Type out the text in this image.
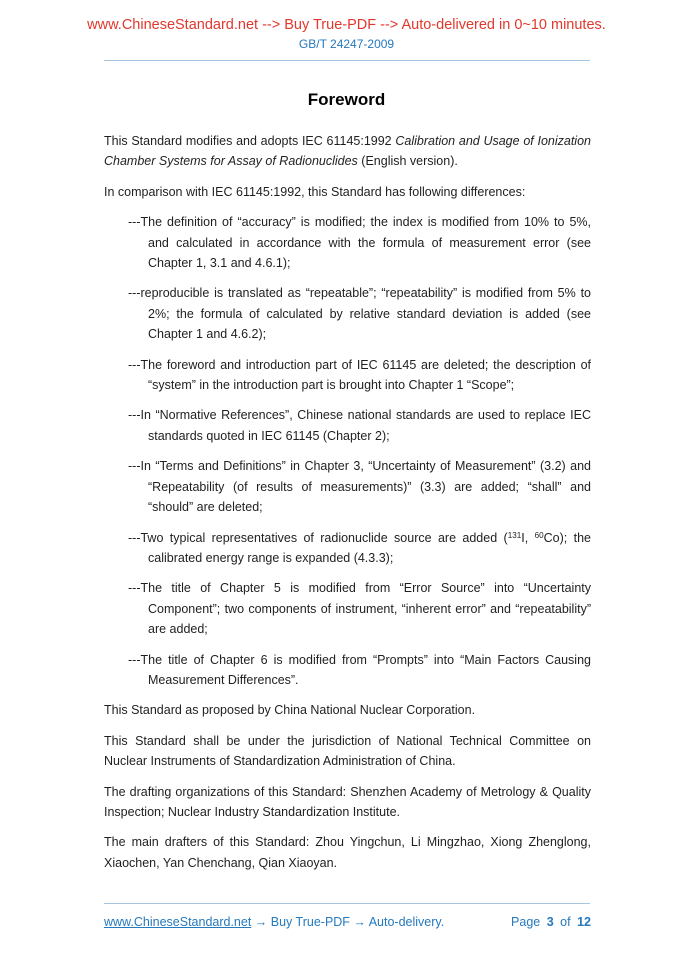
www.ChineseStandard.net --> Buy True-PDF --> Auto-delivered in 0~10 minutes.
GB/T 24247-2009
Foreword

This Standard modifies and adopts IEC 61145:1992 Calibration and Usage of Ionization Chamber Systems for Assay of Radionuclides (English version).

In comparison with IEC 61145:1992, this Standard has following differences:

---The definition of “accuracy” is modified; the index is modified from 10% to 5%, and calculated in accordance with the formula of measurement error (see Chapter 1, 3.1 and 4.6.1);

---reproducible is translated as “repeatable”; “repeatability” is modified from 5% to 2%; the formula of calculated by relative standard deviation is added (see Chapter 1 and 4.6.2);

---The foreword and introduction part of IEC 61145 are deleted; the description of “system” in the introduction part is brought into Chapter 1 “Scope”;

---In “Normative References”, Chinese national standards are used to replace IEC standards quoted in IEC 61145 (Chapter 2);

---In “Terms and Definitions” in Chapter 3, “Uncertainty of Measurement” (3.2) and “Repeatability (of results of measurements)” (3.3) are added; “shall” and “should” are deleted;

---Two typical representatives of radionuclide source are added ($^{131}$I, $^{60}$Co); the calibrated energy range is expanded (4.3.3);

---The title of Chapter 5 is modified from “Error Source” into “Uncertainty Component”; two components of instrument, “inherent error” and “repeatability” are added;

---The title of Chapter 6 is modified from “Prompts” into “Main Factors Causing Measurement Differences”.

This Standard as proposed by China National Nuclear Corporation.

This Standard shall be under the jurisdiction of National Technical Committee on Nuclear Instruments of Standardization Administration of China.

The drafting organizations of this Standard: Shenzhen Academy of Metrology & Quality Inspection; Nuclear Industry Standardization Institute.

The main drafters of this Standard: Zhou Yingchun, Li Mingzhao, Xiong Zhenglong, Xiaochen, Yan Chenchang, Qian Xiaoyan.

www.ChineseStandard.net → Buy True-PDF → Auto-delivery.	Page 3 of 12
